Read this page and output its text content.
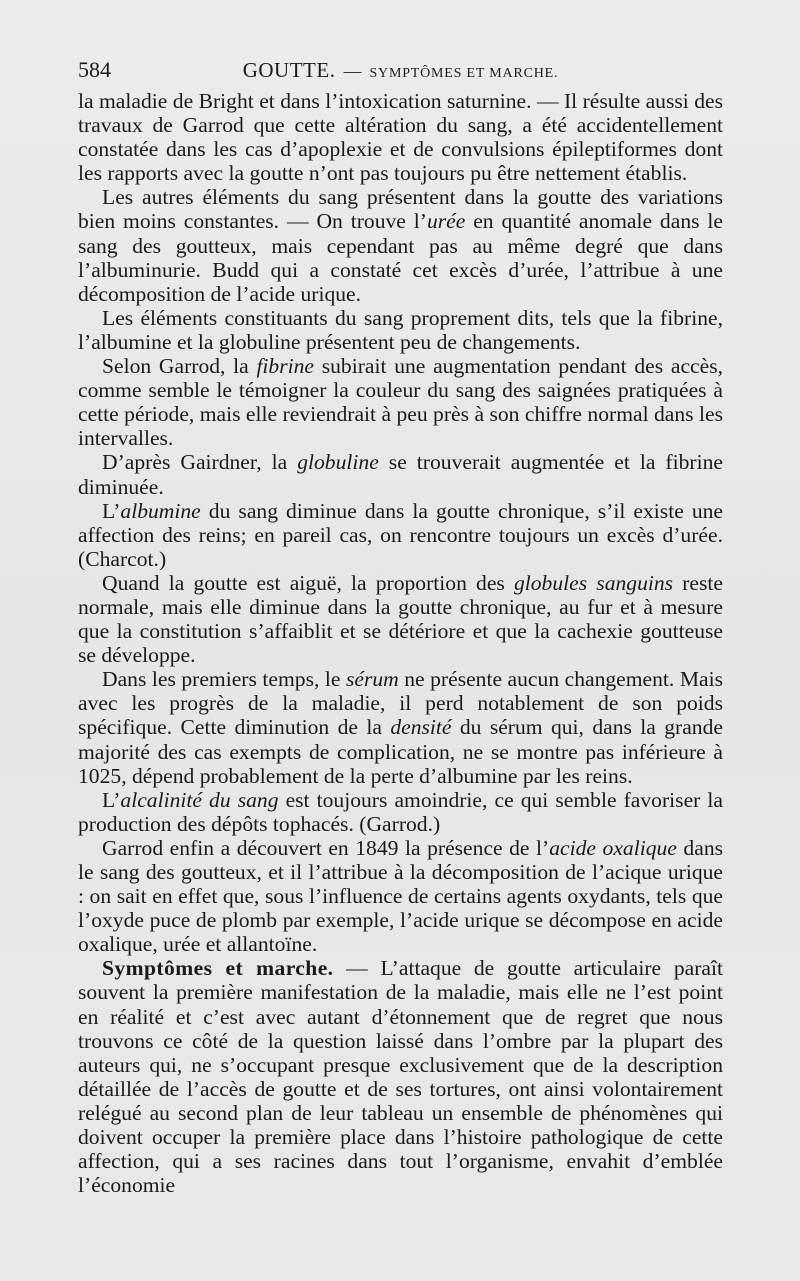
584	GOUTTE. — SYMPTÔMES ET MARCHE.

la maladie de Bright et dans l’intoxication saturnine. — Il résulte aussi des travaux de Garrod que cette altération du sang, a été accidentellement constatée dans les cas d’apoplexie et de convulsions épileptiformes dont les rapports avec la goutte n’ont pas toujours pu être nettement établis.

Les autres éléments du sang présentent dans la goutte des variations bien moins constantes. — On trouve l’urée en quantité anomale dans le sang des goutteux, mais cependant pas au même degré que dans l’albuminurie. Budd qui a constaté cet excès d’urée, l’attribue à une décomposition de l’acide urique.

Les éléments constituants du sang proprement dits, tels que la fibrine, l’albumine et la globuline présentent peu de changements.

Selon Garrod, la fibrine subirait une augmentation pendant des accès, comme semble le témoigner la couleur du sang des saignées pratiquées à cette période, mais elle reviendrait à peu près à son chiffre normal dans les intervalles.

D’après Gairdner, la globuline se trouverait augmentée et la fibrine diminuée.

L’albumine du sang diminue dans la goutte chronique, s’il existe une affection des reins; en pareil cas, on rencontre toujours un excès d’urée. (Charcot.)

Quand la goutte est aiguë, la proportion des globules sanguins reste normale, mais elle diminue dans la goutte chronique, au fur et à mesure que la constitution s’affaiblit et se détériore et que la cachexie goutteuse se développe.

Dans les premiers temps, le sérum ne présente aucun changement. Mais avec les progrès de la maladie, il perd notablement de son poids spécifique. Cette diminution de la densité du sérum qui, dans la grande majorité des cas exempts de complication, ne se montre pas inférieure à 1025, dépend probablement de la perte d’albumine par les reins.

L’alcalinité du sang est toujours amoindrie, ce qui semble favoriser la production des dépôts tophacés. (Garrod.)

Garrod enfin a découvert en 1849 la présence de l’acide oxalique dans le sang des goutteux, et il l’attribue à la décomposition de l’acique urique : on sait en effet que, sous l’influence de certains agents oxydants, tels que l’oxyde puce de plomb par exemple, l’acide urique se décompose en acide oxalique, urée et allantoïne.

Symptômes et marche. — L’attaque de goutte articulaire paraît souvent la première manifestation de la maladie, mais elle ne l’est point en réalité et c’est avec autant d’étonnement que de regret que nous trouvons ce côté de la question laissé dans l’ombre par la plupart des auteurs qui, ne s’occupant presque exclusivement que de la description détaillée de l’accès de goutte et de ses tortures, ont ainsi volontairement relégué au second plan de leur tableau un ensemble de phénomènes qui doivent occuper la première place dans l’histoire pathologique de cette affection, qui a ses racines dans tout l’organisme, envahit d’emblée l’économie
